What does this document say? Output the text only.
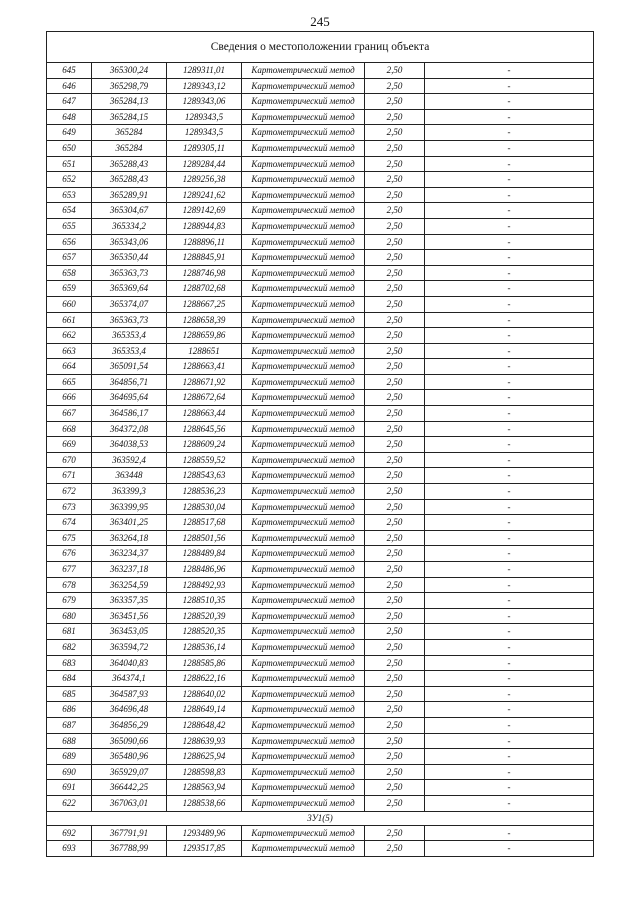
245
Сведения о местоположении границ объекта					
645	365300,24	1289311,01	Картометрический метод	2,50	-
646	365298,79	1289343,12	Картометрический метод	2,50	-
647	365284,13	1289343,06	Картометрический метод	2,50	-
648	365284,15	1289343,5	Картометрический метод	2,50	-
649	365284	1289343,5	Картометрический метод	2,50	-
650	365284	1289305,11	Картометрический метод	2,50	-
651	365288,43	1289284,44	Картометрический метод	2,50	-
652	365288,43	1289256,38	Картометрический метод	2,50	-
653	365289,91	1289241,62	Картометрический метод	2,50	-
654	365304,67	1289142,69	Картометрический метод	2,50	-
655	365334,2	1288944,83	Картометрический метод	2,50	-
656	365343,06	1288896,11	Картометрический метод	2,50	-
657	365350,44	1288845,91	Картометрический метод	2,50	-
658	365363,73	1288746,98	Картометрический метод	2,50	-
659	365369,64	1288702,68	Картометрический метод	2,50	-
660	365374,07	1288667,25	Картометрический метод	2,50	-
661	365363,73	1288658,39	Картометрический метод	2,50	-
662	365353,4	1288659,86	Картометрический метод	2,50	-
663	365353,4	1288651	Картометрический метод	2,50	-
664	365091,54	1288663,41	Картометрический метод	2,50	-
665	364856,71	1288671,92	Картометрический метод	2,50	-
666	364695,64	1288672,64	Картометрический метод	2,50	-
667	364586,17	1288663,44	Картометрический метод	2,50	-
668	364372,08	1288645,56	Картометрический метод	2,50	-
669	364038,53	1288609,24	Картометрический метод	2,50	-
670	363592,4	1288559,52	Картометрический метод	2,50	-
671	363448	1288543,63	Картометрический метод	2,50	-
672	363399,3	1288536,23	Картометрический метод	2,50	-
673	363399,95	1288530,04	Картометрический метод	2,50	-
674	363401,25	1288517,68	Картометрический метод	2,50	-
675	363264,18	1288501,56	Картометрический метод	2,50	-
676	363234,37	1288489,84	Картометрический метод	2,50	-
677	363237,18	1288486,96	Картометрический метод	2,50	-
678	363254,59	1288492,93	Картометрический метод	2,50	-
679	363357,35	1288510,35	Картометрический метод	2,50	-
680	363451,56	1288520,39	Картометрический метод	2,50	-
681	363453,05	1288520,35	Картометрический метод	2,50	-
682	363594,72	1288536,14	Картометрический метод	2,50	-
683	364040,83	1288585,86	Картометрический метод	2,50	-
684	364374,1	1288622,16	Картометрический метод	2,50	-
685	364587,93	1288640,02	Картометрический метод	2,50	-
686	364696,48	1288649,14	Картометрический метод	2,50	-
687	364856,29	1288648,42	Картометрический метод	2,50	-
688	365090,66	1288639,93	Картометрический метод	2,50	-
689	365480,96	1288625,94	Картометрический метод	2,50	-
690	365929,07	1288598,83	Картометрический метод	2,50	-
691	366442,25	1288563,94	Картометрический метод	2,50	-
622	367063,01	1288538,66	Картометрический метод	2,50	-
3У1(5)					
692	367791,91	1293489,96	Картометрический метод	2,50	-
693	367788,99	1293517,85	Картометрический метод	2,50	-
